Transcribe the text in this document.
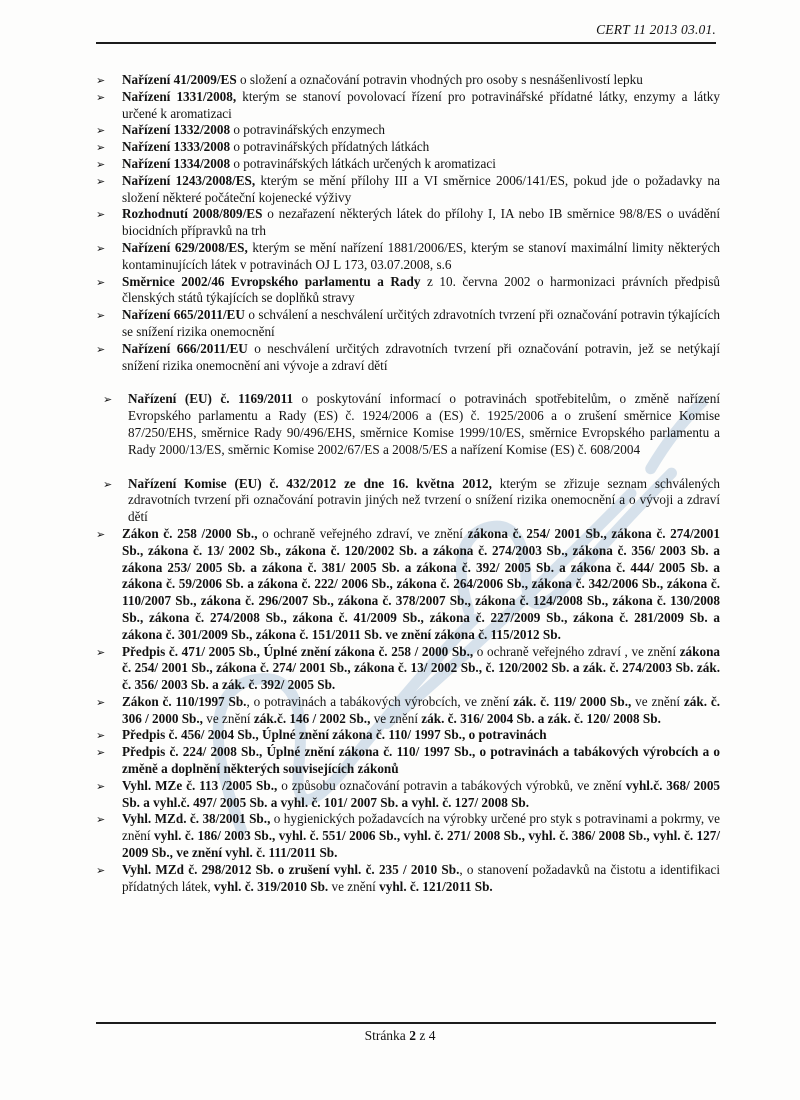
CERT 11 2013 03.01.
➢ Nařízení 41/2009/ES o složení a označování potravin vhodných pro osoby s nesnášenlivostí lepku
➢ Nařízení 1331/2008, kterým se stanoví povolovací řízení pro potravinářské přídatné látky, enzymy a látky určené k aromatizaci
➢ Nařízení 1332/2008 o potravinářských enzymech
➢ Nařízení 1333/2008 o potravinářských přídatných látkách
➢ Nařízení 1334/2008 o potravinářských látkách určených k aromatizaci
➢ Nařízení 1243/2008/ES, kterým se mění přílohy III a VI směrnice 2006/141/ES, pokud jde o požadavky na složení některé počáteční kojenecké výživy
➢ Rozhodnutí 2008/809/ES o nezařazení některých látek do přílohy I, IA nebo IB směrnice 98/8/ES o uvádění biocidních přípravků na trh
➢ Nařízení 629/2008/ES, kterým se mění nařízení 1881/2006/ES, kterým se stanoví maximální limity některých kontaminujících látek v potravinách OJ L 173, 03.07.2008, s.6
➢ Směrnice 2002/46 Evropského parlamentu a Rady z 10. června 2002 o harmonizaci právních předpisů členských států týkajících se doplňků stravy
➢ Nařízení 665/2011/EU o schválení a neschválení určitých zdravotních tvrzení při označování potravin týkajících se snížení rizika onemocnění
➢ Nařízení 666/2011/EU o neschválení určitých zdravotních tvrzení při označování potravin, jež se netýkají snížení rizika onemocnění ani vývoje a zdraví dětí
➢ Nařízení (EU) č. 1169/2011 o poskytování informací o potravinách spotřebitelům, o změně nařízení Evropského parlamentu a Rady (ES) č. 1924/2006 a (ES) č. 1925/2006 a o zrušení směrnice Komise 87/250/EHS, směrnice Rady 90/496/EHS, směrnice Komise 1999/10/ES, směrnice Evropského parlamentu a Rady 2000/13/ES, směrnic Komise 2002/67/ES a 2008/5/ES a nařízení Komise (ES) č. 608/2004
➢ Nařízení Komise (EU) č. 432/2012 ze dne 16. května 2012, kterým se zřizuje seznam schválených zdravotních tvrzení při označování potravin jiných než tvrzení o snížení rizika onemocnění a o vývoji a zdraví dětí
➢ Zákon č. 258 /2000 Sb., o ochraně veřejného zdraví, ve znění zákona č. 254/ 2001 Sb., zákona č. 274/2001 Sb., zákona č. 13/ 2002 Sb., zákona č. 120/2002 Sb. a zákona č. 274/2003 Sb., zákona č. 356/ 2003 Sb. a zákona 253/ 2005 Sb. a zákona č. 381/ 2005 Sb. a zákona č. 392/ 2005 Sb. a zákona č. 444/ 2005 Sb. a zákona č. 59/2006 Sb. a zákona č. 222/ 2006 Sb., zákona č. 264/2006 Sb., zákona č. 342/2006 Sb., zákona č. 110/2007 Sb., zákona č. 296/2007 Sb., zákona č. 378/2007 Sb., zákona č. 124/2008 Sb., zákona č. 130/2008 Sb., zákona č. 274/2008 Sb., zákona č. 41/2009 Sb., zákona č. 227/2009 Sb., zákona č. 281/2009 Sb. a zákona č. 301/2009 Sb., zákona č. 151/2011 Sb. ve znění zákona č. 115/2012 Sb.
➢ Předpis č. 471/ 2005 Sb., Úplné znění zákona č. 258 / 2000 Sb., o ochraně veřejného zdraví , ve znění zákona č. 254/ 2001 Sb., zákona č. 274/ 2001 Sb., zákona č. 13/ 2002 Sb., č. 120/2002 Sb. a zák. č. 274/2003 Sb. zák. č. 356/ 2003 Sb. a zák. č. 392/ 2005 Sb.
➢ Zákon č. 110/1997 Sb., o potravinách a tabákových výrobcích, ve znění zák. č. 119/ 2000 Sb., ve znění zák. č. 306 / 2000 Sb., ve znění zák.č. 146 / 2002 Sb., ve znění zák. č. 316/ 2004 Sb. a zák. č. 120/ 2008 Sb.
➢ Předpis č. 456/ 2004 Sb., Úplné znění zákona č. 110/ 1997 Sb., o potravinách
➢ Předpis č. 224/ 2008 Sb., Úplné znění zákona č. 110/ 1997 Sb., o potravinách a tabákových výrobcích a o změně a doplnění některých souvisejících zákonů
➢ Vyhl. MZe č. 113 /2005 Sb., o způsobu označování potravin a tabákových výrobků, ve znění vyhl.č. 368/ 2005 Sb. a vyhl.č. 497/ 2005 Sb. a vyhl. č. 101/ 2007 Sb. a vyhl. č. 127/ 2008 Sb.
➢ Vyhl. MZd. č. 38/2001 Sb., o hygienických požadavcích na výrobky určené pro styk s potravinami a pokrmy, ve znění vyhl. č. 186/ 2003 Sb., vyhl. č. 551/ 2006 Sb., vyhl. č. 271/ 2008 Sb., vyhl. č. 386/ 2008 Sb., vyhl. č. 127/ 2009 Sb., ve znění vyhl. č. 111/2011 Sb.
➢ Vyhl. MZd č. 298/2012 Sb. o zrušení vyhl. č. 235 / 2010 Sb., o stanovení požadavků na čistotu a identifikaci přídatných látek, vyhl. č. 319/2010 Sb. ve znění vyhl. č. 121/2011 Sb.
Stránka 2 z 4
